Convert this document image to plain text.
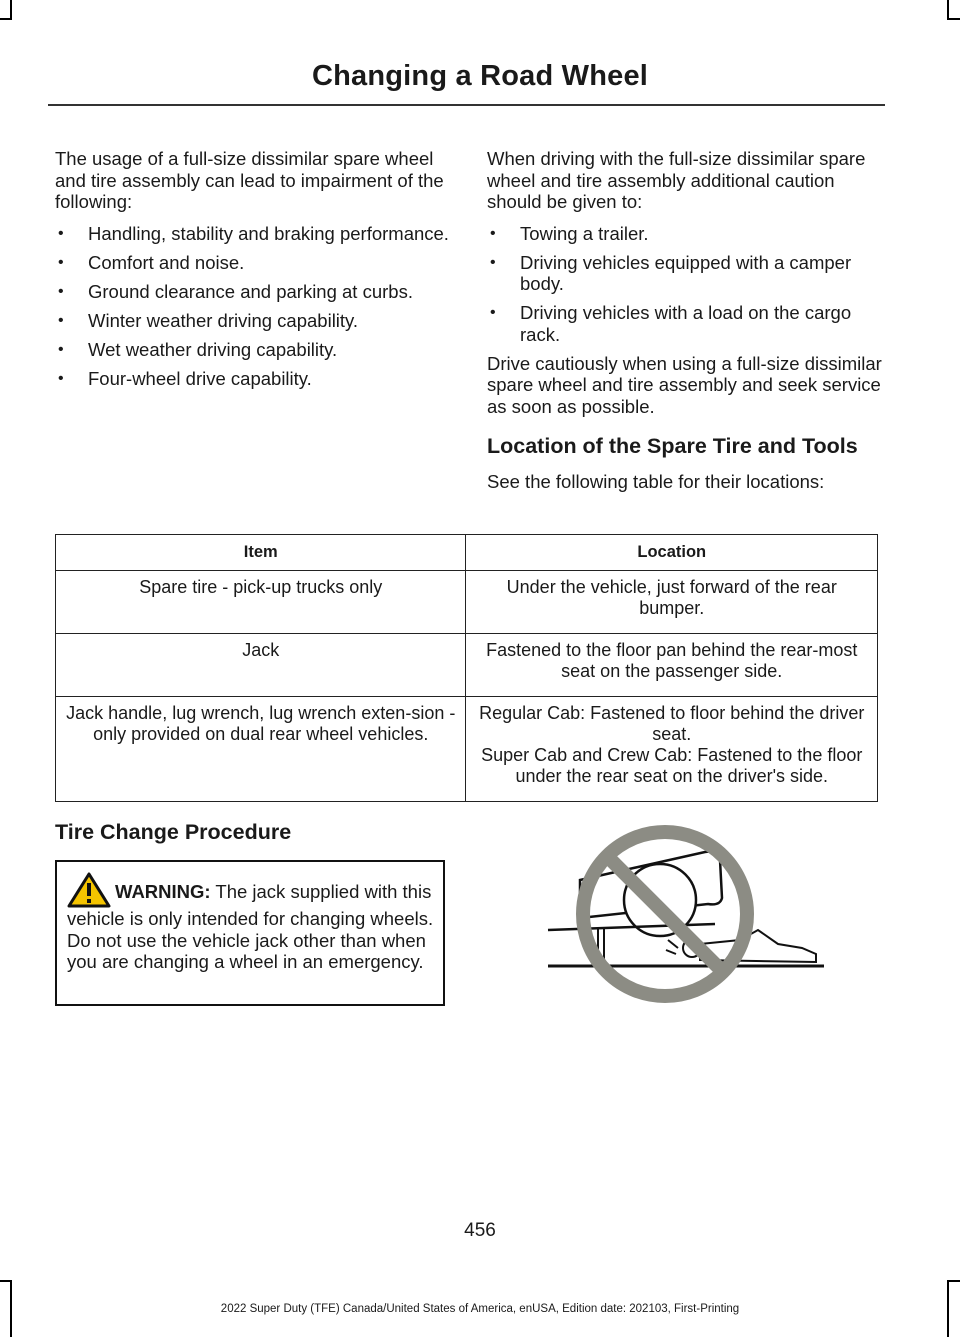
Changing a Road Wheel

The usage of a full-size dissimilar spare wheel and tire assembly can lead to impairment of the following:

• Handling, stability and braking performance.
• Comfort and noise.
• Ground clearance and parking at curbs.
• Winter weather driving capability.
• Wet weather driving capability.
• Four-wheel drive capability.

When driving with the full-size dissimilar spare wheel and tire assembly additional caution should be given to:

• Towing a trailer.
• Driving vehicles equipped with a camper body.
• Driving vehicles with a load on the cargo rack.

Drive cautiously when using a full-size dissimilar spare wheel and tire assembly and seek service as soon as possible.

Location of the Spare Tire and Tools

See the following table for their locations:

Item	Location
Spare tire - pick-up trucks only	Under the vehicle, just forward of the rear bumper.
Jack	Fastened to the floor pan behind the rear-most seat on the passenger side.
Jack handle, lug wrench, lug wrench exten-sion - only provided on dual rear wheel vehicles.	Regular Cab: Fastened to floor behind the driver seat.
Super Cab and Crew Cab: Fastened to the floor under the rear seat on the driver's side.
Tire Change Procedure
WARNING: The jack supplied with this vehicle is only intended for changing wheels. Do not use the vehicle jack other than when you are changing a wheel in an emergency.
456
2022 Super Duty (TFE) Canada/United States of America, enUSA, Edition date: 202103, First-Printing
